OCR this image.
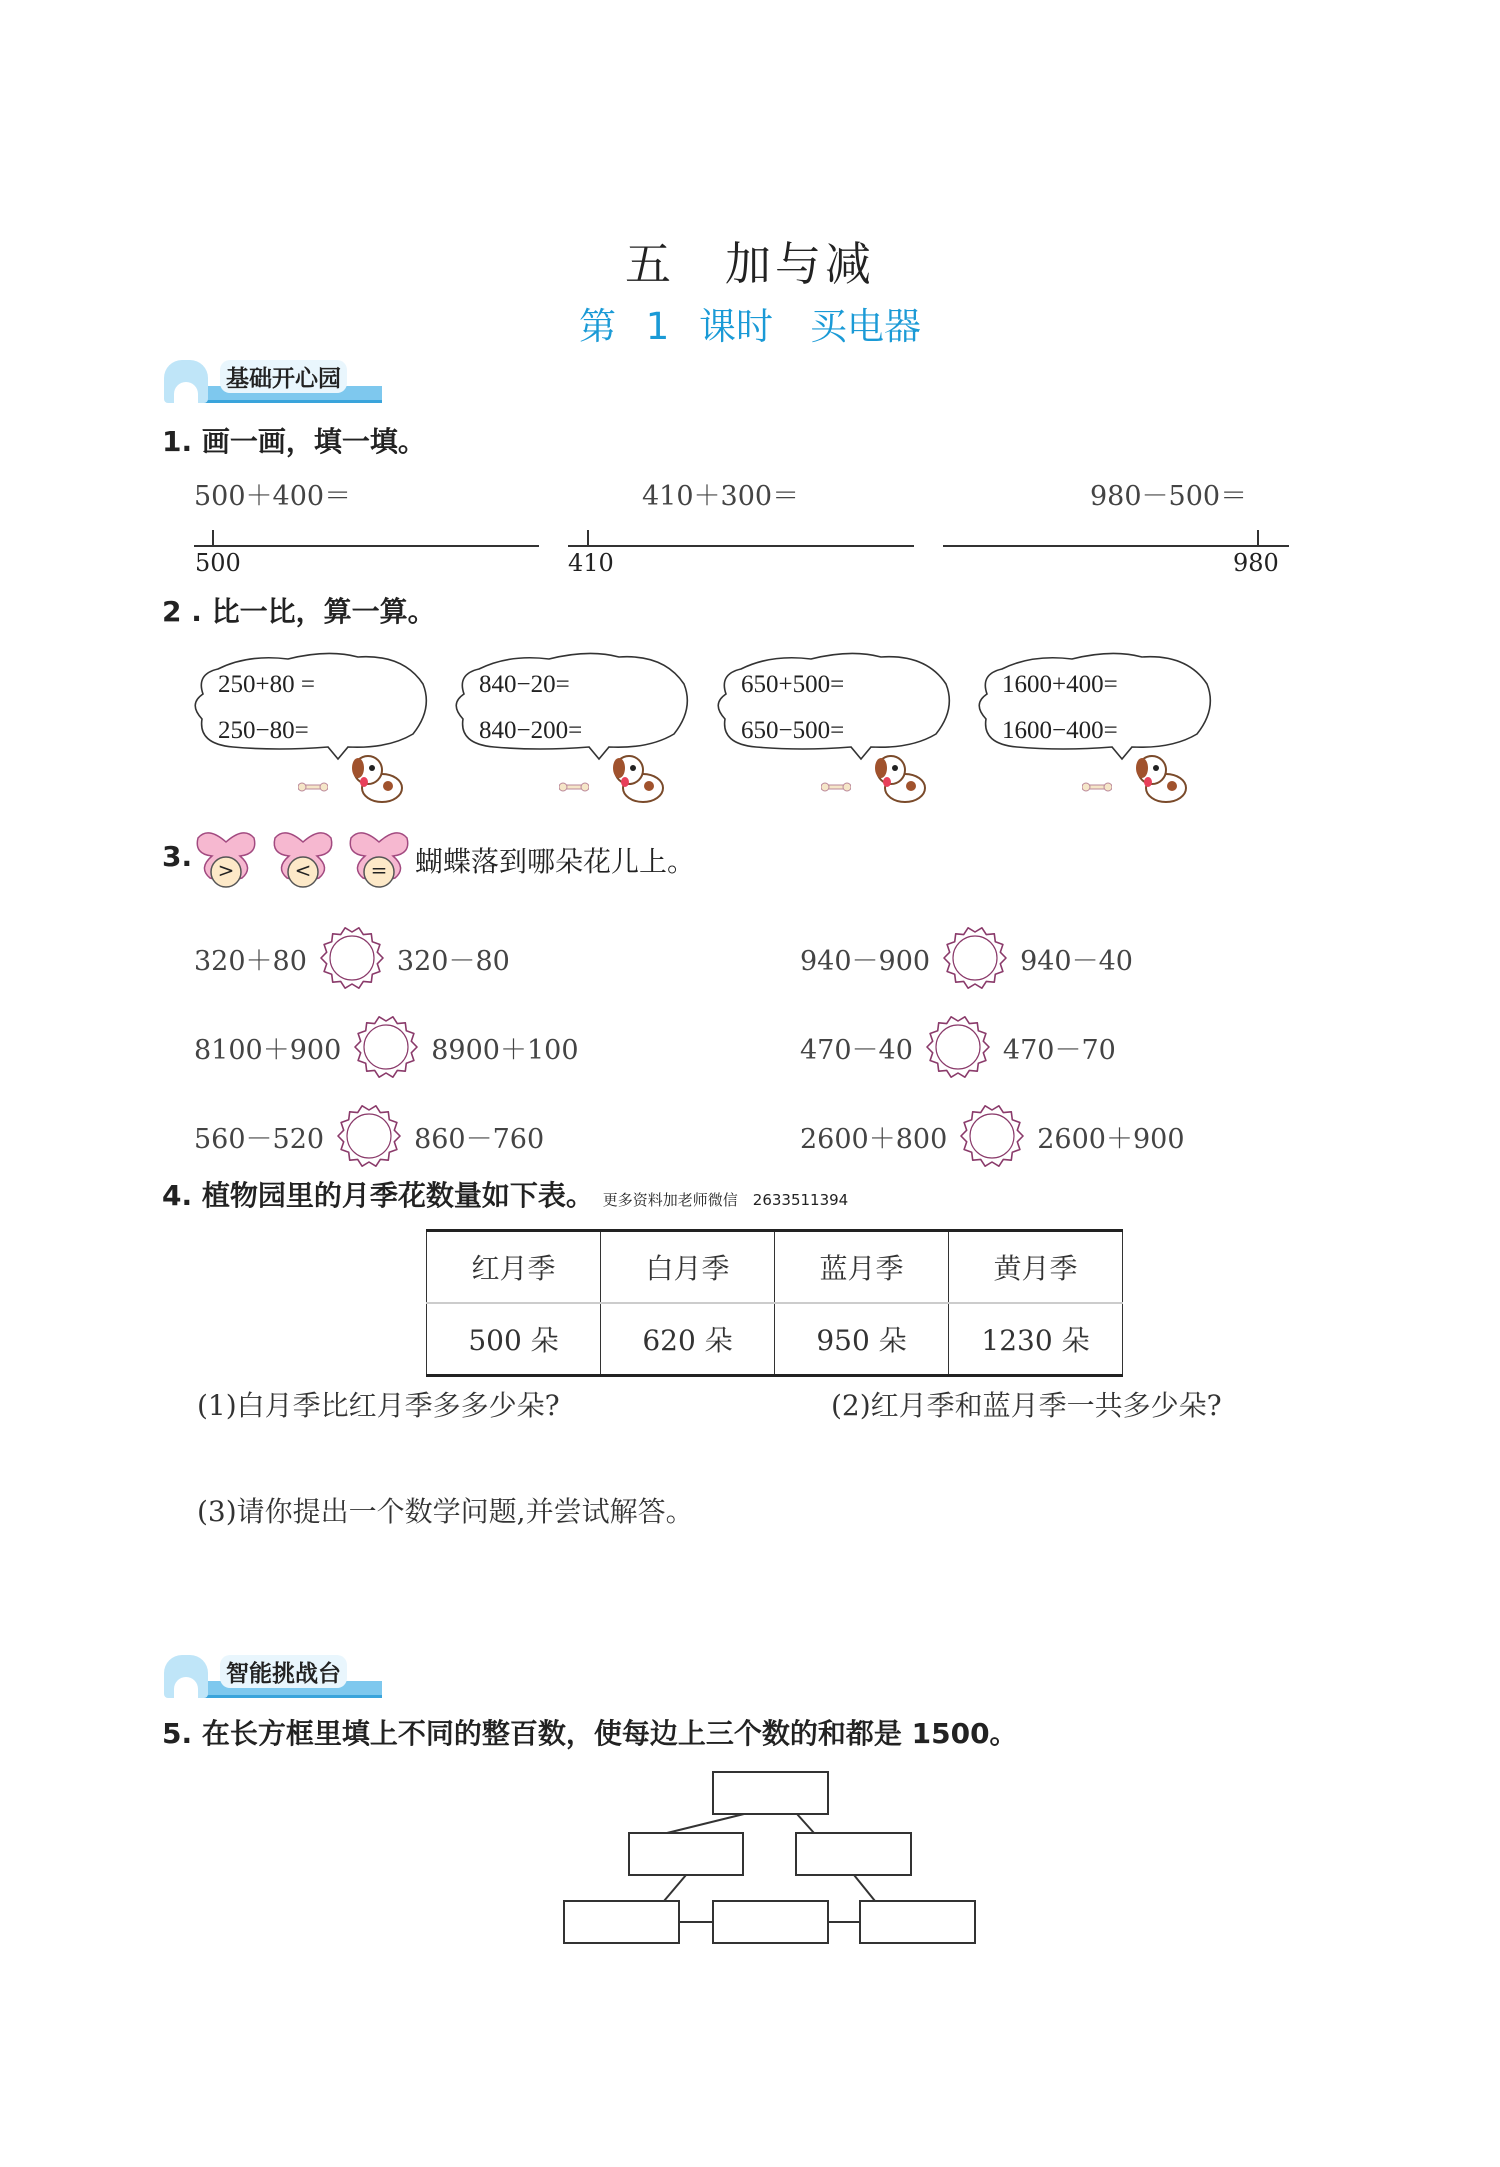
五　加与减
第 1 课时　买电器
基础开心园
1. 画一画，填一填。
500＋400＝	410＋300＝	980－500＝
500	410	980
2 . 比一比，算一算。
250+80 =
250−80=
840−20=
840−200=
650+500=
650−500=
1600+400=
1600−400=
3.	>	<	= 蝴蝶落到哪朵花儿上。
320＋80	320－80
8100＋900	8900＋100
560－520	860－760
940－900	940－40
470－40	470－70
2600＋800	2600＋900
4. 植物园里的月季花数量如下表。 更多资料加老师微信　2633511394
红月季	白月季	蓝月季	黄月季
500 朵	620 朵	950 朵	1230 朵
(1)白月季比红月季多多少朵?	(2)红月季和蓝月季一共多少朵?
(3)请你提出一个数学问题,并尝试解答。
智能挑战台
5. 在长方框里填上不同的整百数，使每边上三个数的和都是 1500。
